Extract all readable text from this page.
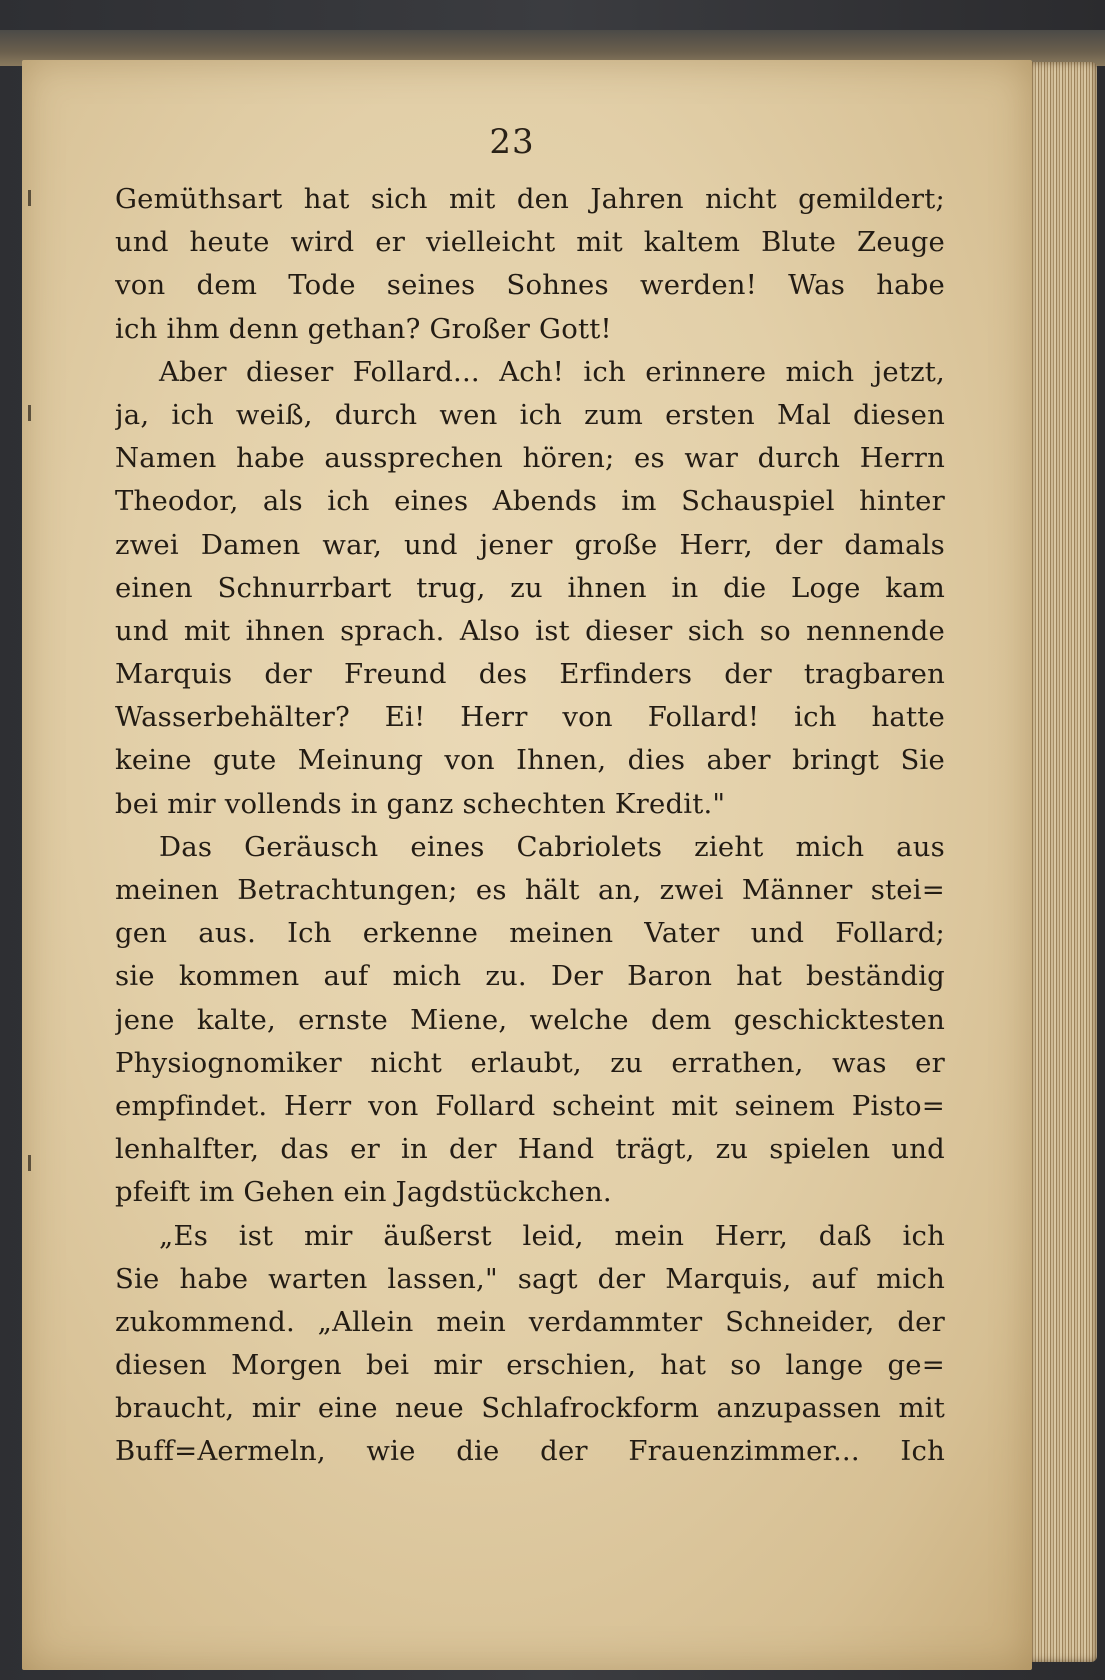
23
Gemüthsart hat sich mit den Jahren nicht gemildert;
und heute wird er vielleicht mit kaltem Blute Zeuge
von dem Tode seines Sohnes werden! Was habe
ich ihm denn gethan? Großer Gott!
Aber dieser Follard... Ach! ich erinnere mich jetzt,
ja, ich weiß, durch wen ich zum ersten Mal diesen
Namen habe aussprechen hören; es war durch Herrn
Theodor, als ich eines Abends im Schauspiel hinter
zwei Damen war, und jener große Herr, der damals
einen Schnurrbart trug, zu ihnen in die Loge kam
und mit ihnen sprach. Also ist dieser sich so nennende
Marquis der Freund des Erfinders der tragbaren
Wasserbehälter? Ei! Herr von Follard! ich hatte
keine gute Meinung von Ihnen, dies aber bringt Sie
bei mir vollends in ganz schechten Kredit."
Das Geräusch eines Cabriolets zieht mich aus
meinen Betrachtungen; es hält an, zwei Männer stei=
gen aus. Ich erkenne meinen Vater und Follard;
sie kommen auf mich zu. Der Baron hat beständig
jene kalte, ernste Miene, welche dem geschicktesten
Physiognomiker nicht erlaubt, zu errathen, was er
empfindet. Herr von Follard scheint mit seinem Pisto=
lenhalfter, das er in der Hand trägt, zu spielen und
pfeift im Gehen ein Jagdstückchen.
„Es ist mir äußerst leid, mein Herr, daß ich
Sie habe warten lassen," sagt der Marquis, auf mich
zukommend. „Allein mein verdammter Schneider, der
diesen Morgen bei mir erschien, hat so lange ge=
braucht, mir eine neue Schlafrockform anzupassen mit
Buff=Aermeln, wie die der Frauenzimmer... Ich
